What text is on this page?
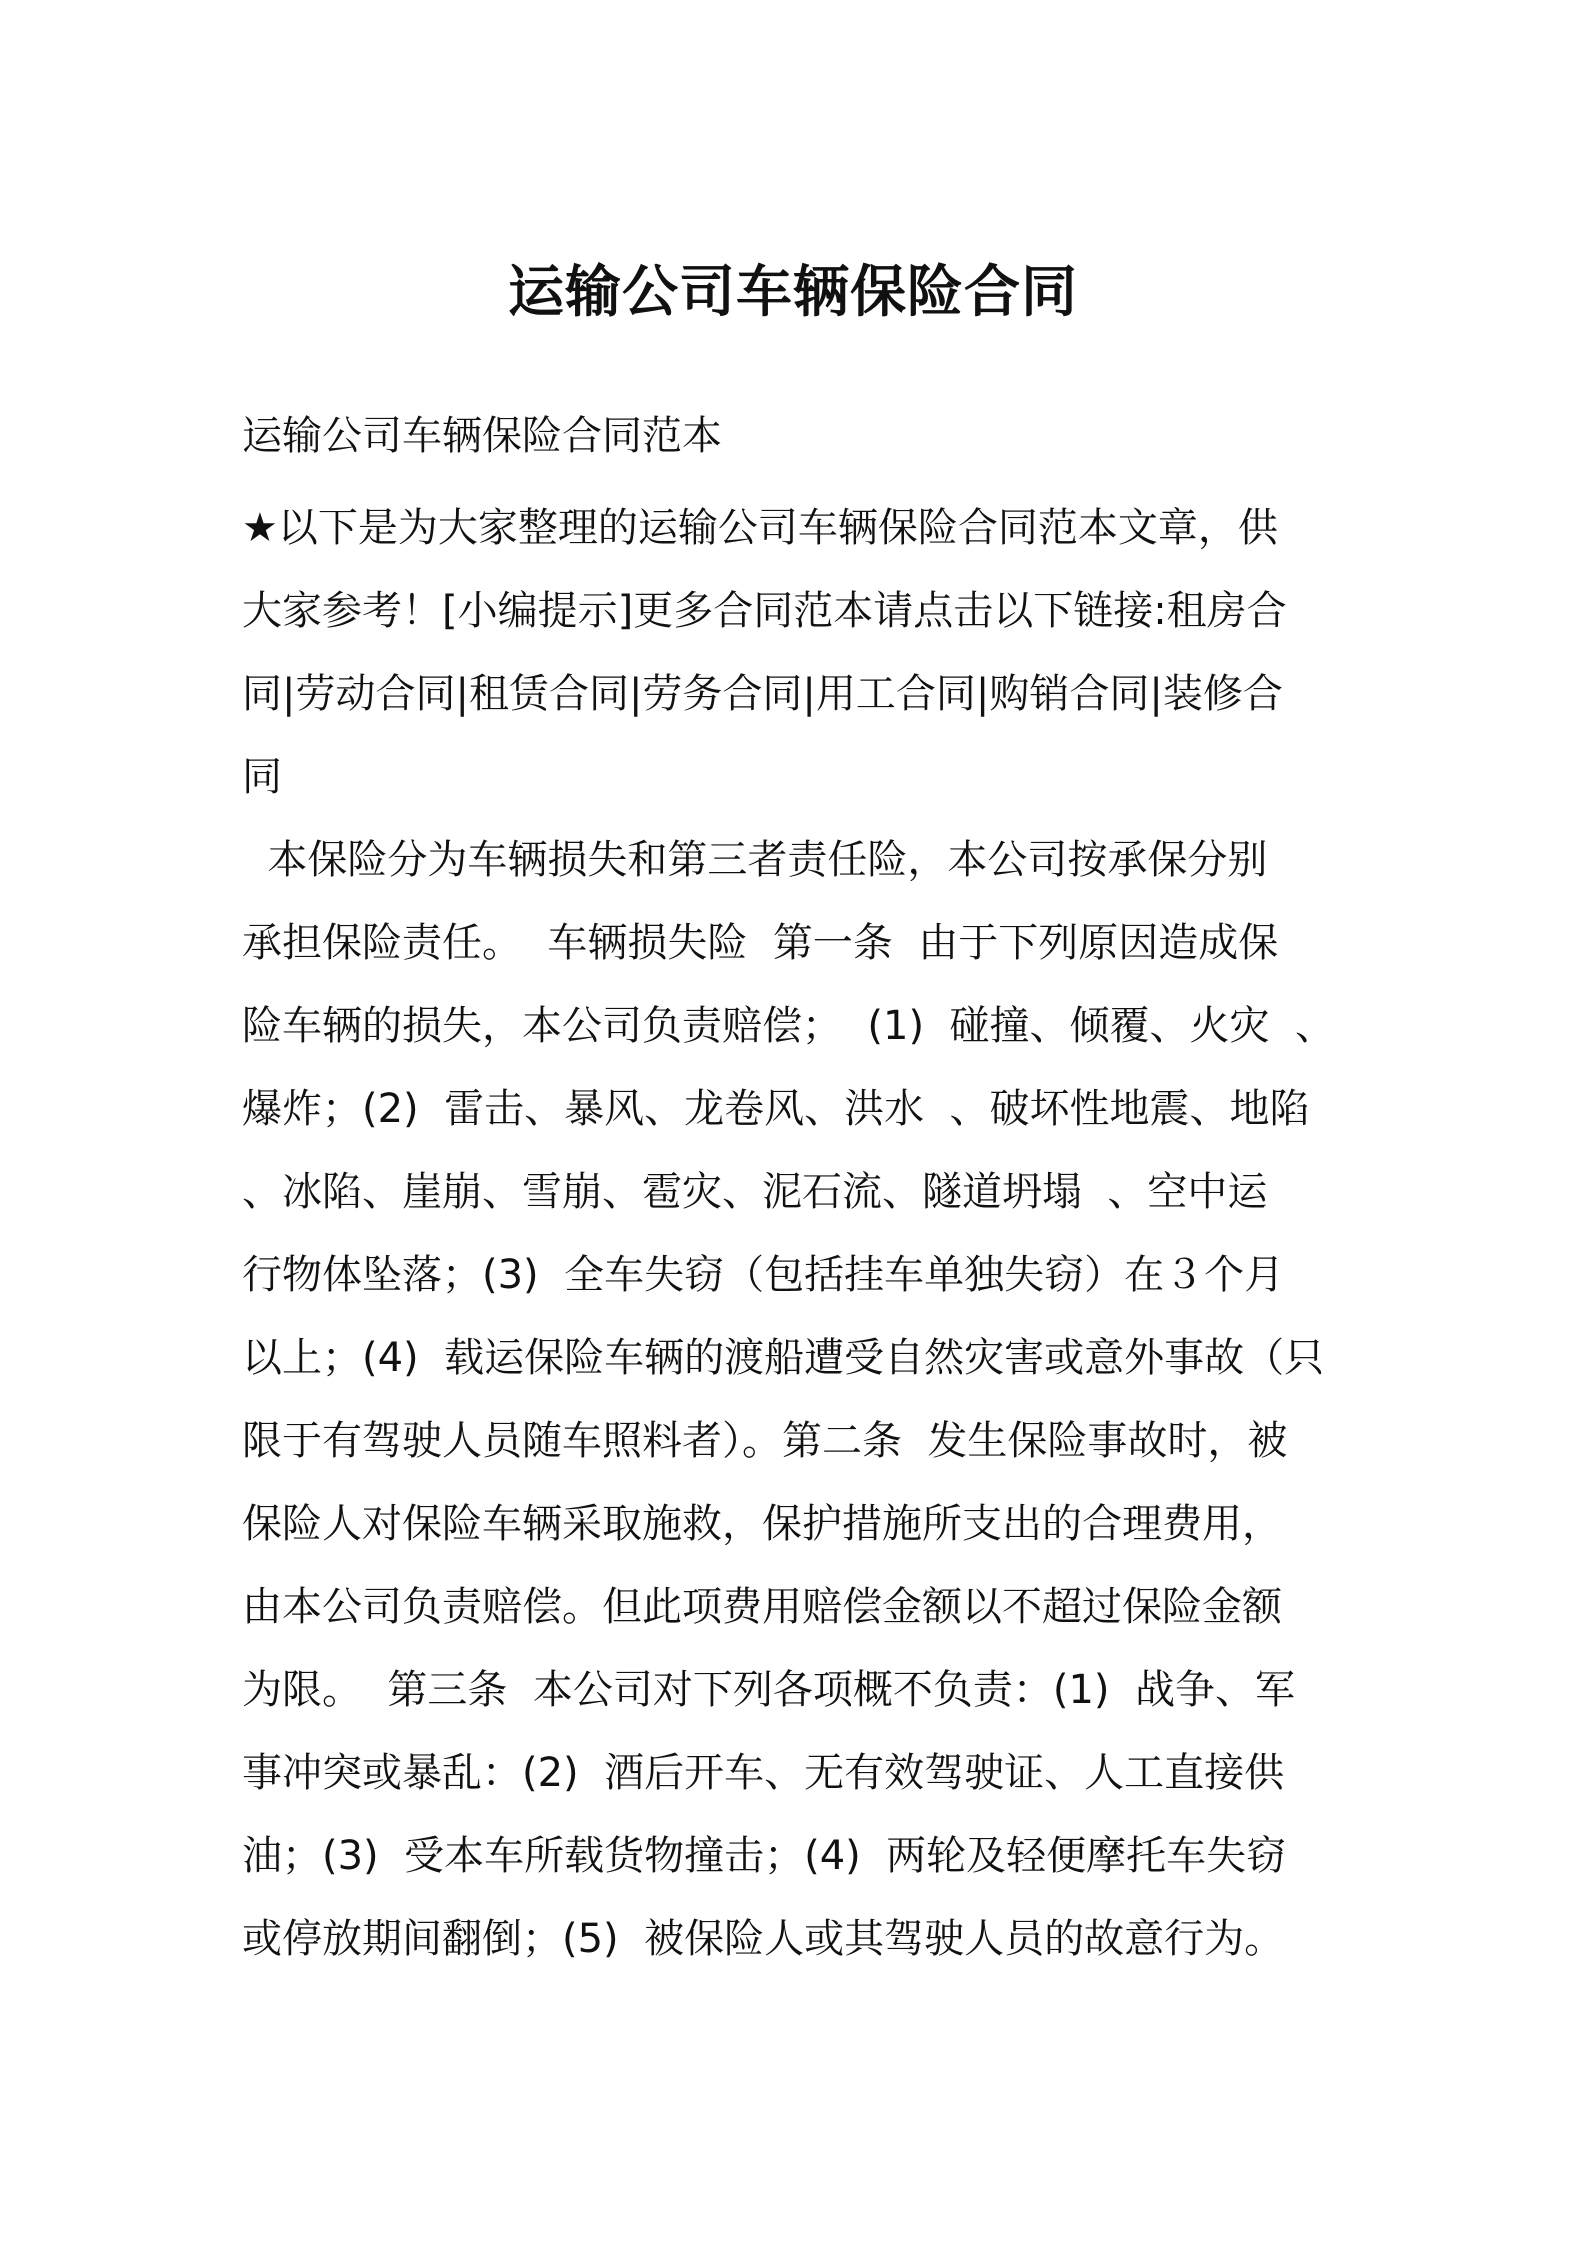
运输公司车辆保险合同
运输公司车辆保险合同范本
★以下是为大家整理的运输公司车辆保险合同范本文章，供
大家参考！[小编提示]更多合同范本请点击以下链接:租房合
同|劳动合同|租赁合同|劳务合同|用工合同|购销合同|装修合
同
本保险分为车辆损失和第三者责任险，本公司按承保分别
承担保险责任。  车辆损失险  第一条  由于下列原因造成保
险车辆的损失，本公司负责赔偿；  (1)  碰撞、倾覆、火灾  、
爆炸；(2)  雷击、暴风、龙卷风、洪水  、破坏性地震、地陷
、冰陷、崖崩、雪崩、雹灾、泥石流、隧道坍塌  、空中运
行物体坠落；(3)  全车失窃（包括挂车单独失窃）在３个月
以上；(4)  载运保险车辆的渡船遭受自然灾害或意外事故（只
限于有驾驶人员随车照料者）。第二条  发生保险事故时，被
保险人对保险车辆采取施救，保护措施所支出的合理费用，
由本公司负责赔偿。但此项费用赔偿金额以不超过保险金额
为限。  第三条  本公司对下列各项概不负责：(1)  战争、军
事冲突或暴乱：(2)  酒后开车、无有效驾驶证、人工直接供
油；(3)  受本车所载货物撞击；(4)  两轮及轻便摩托车失窃
或停放期间翻倒；(5)  被保险人或其驾驶人员的故意行为。
